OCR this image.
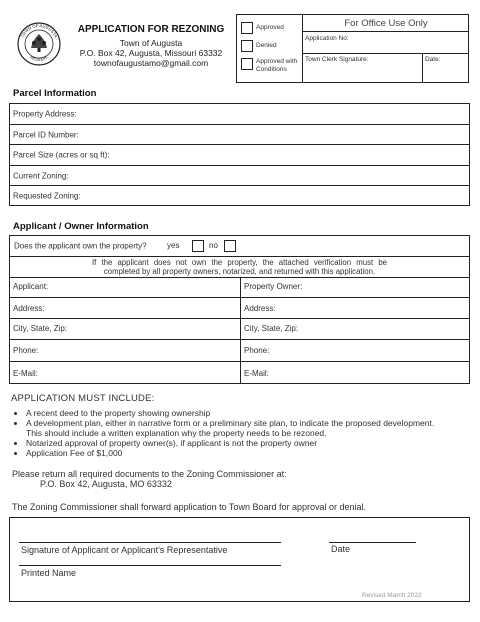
TOWN OF AUGUSTA
MISSOURI
APPLICATION FOR REZONING
Town of Augusta
P.O. Box 42, Augusta, Missouri 63332
townofaugustamo@gmail.com
Approved
Denied
Approved with Conditions
For Office Use Only
Application No:
Town Clerk Signature:	Date:
Parcel Information
Property Address:
Parcel ID Number:
Parcel Size (acres or sq ft):
Current Zoning:
Requested Zoning:
Applicant / Owner Information
Does the applicant own the property?	yes	no
If the applicant does not own the property, the attached verification must be
completed by all property owners, notarized, and returned with this application.
Applicant:	Property Owner:
Address:	Address:
City, State, Zip:	City, State, Zip:
Phone:	Phone:
E-Mail:	E-Mail:
APPLICATION MUST INCLUDE:
• A recent deed to the property showing ownership
• A development plan, either in narrative form or a preliminary site plan, to indicate the proposed development. This should include a written explanation why the property needs to be rezoned.
• Notarized approval of property owner(s), if applicant is not the property owner
• Application Fee of $1,000
Please return all required documents to the Zoning Commissioner at:
P.O. Box 42, Augusta, MO 63332
The Zoning Commissioner shall forward application to Town Board for approval or denial.
Signature of Applicant or Applicant's Representative	Date
Printed Name
Revised March 2022
